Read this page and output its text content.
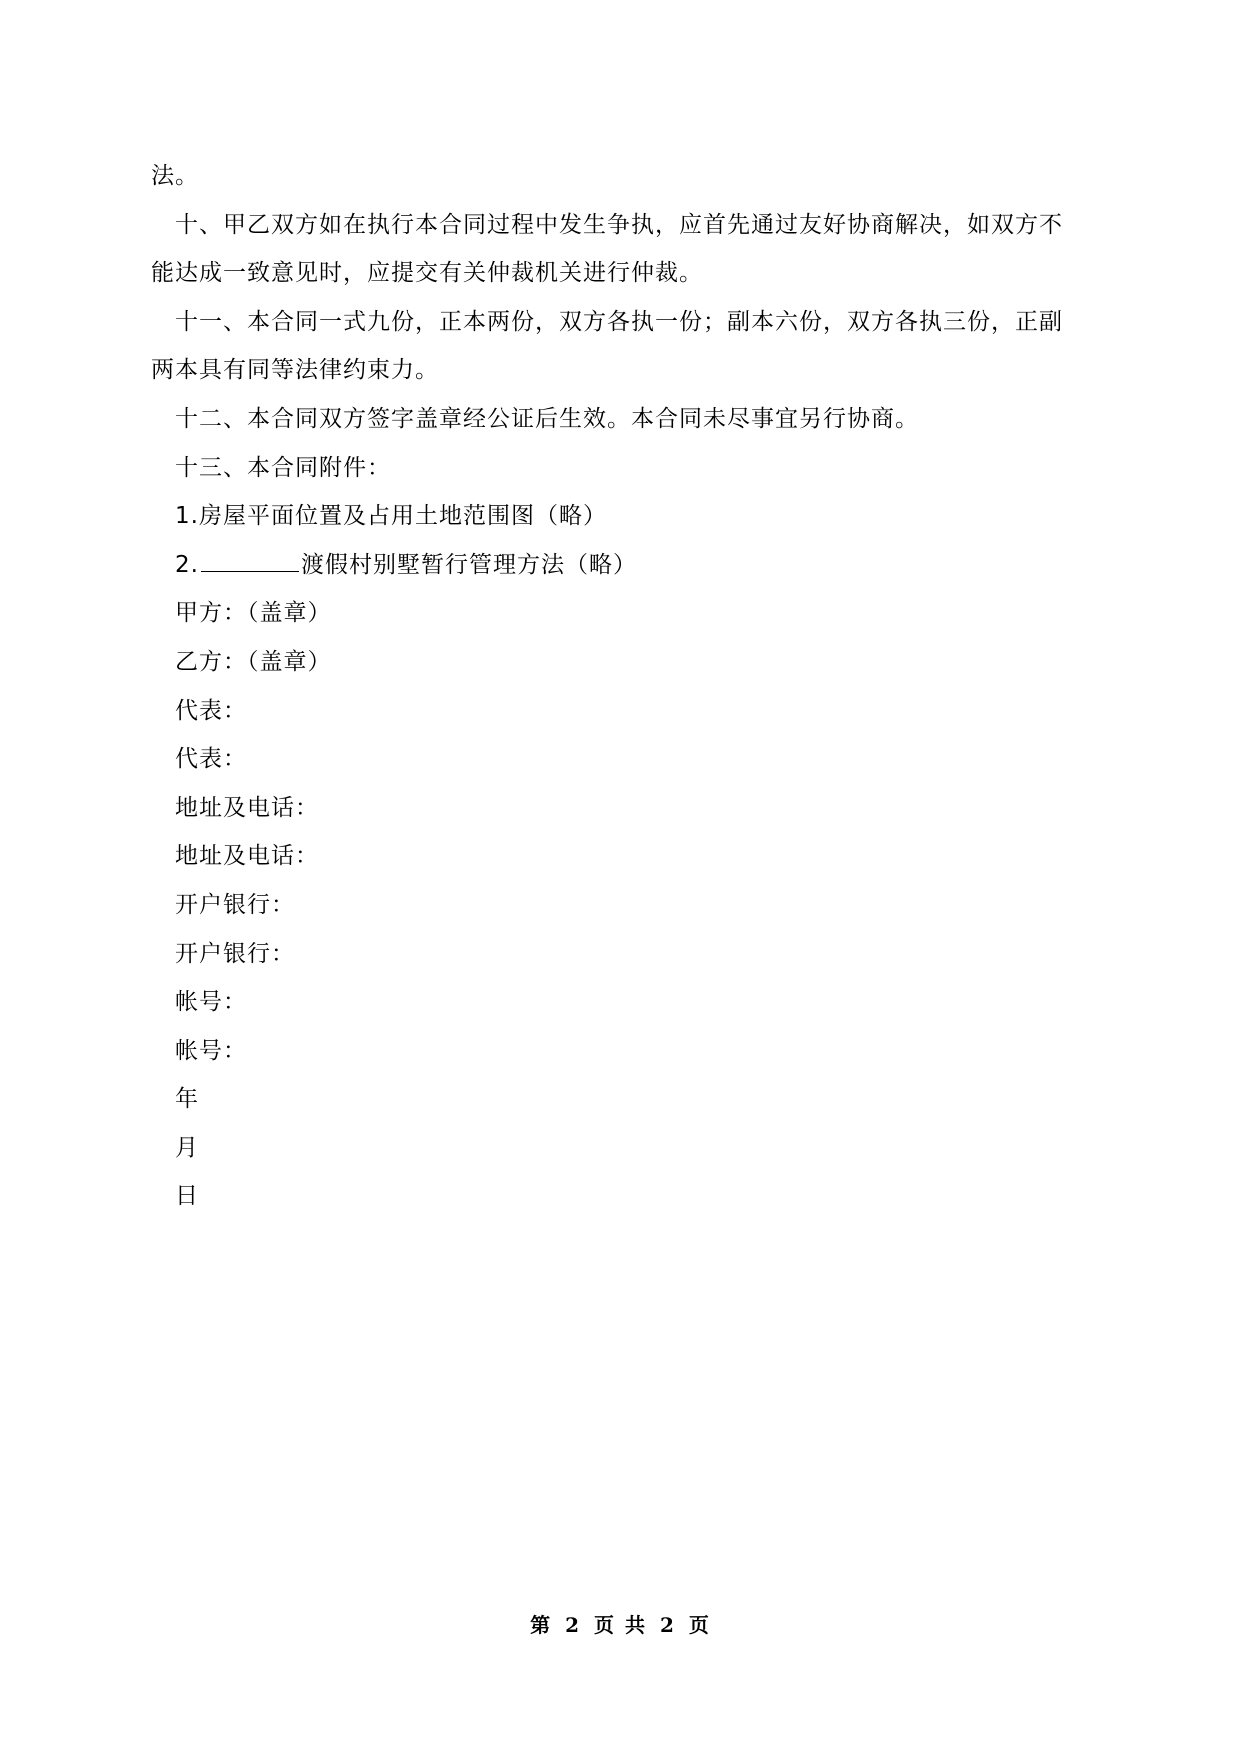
法。
十、甲乙双方如在执行本合同过程中发生争执，应首先通过友好协商解决，如双方不
能达成一致意见时，应提交有关仲裁机关进行仲裁。
十一、本合同一式九份，正本两份，双方各执一份；副本六份，双方各执三份，正副
两本具有同等法律约束力。
十二、本合同双方签字盖章经公证后生效。本合同未尽事宜另行协商。
十三、本合同附件：
1.房屋平面位置及占用土地范围图（略）
2.	渡假村别墅暂行管理方法（略）
甲方：（盖章）
乙方：（盖章）
代表：
代表：
地址及电话：
地址及电话：
开户银行：
开户银行：
帐号：
帐号：
年
月
日
第 2 页 共 2 页
